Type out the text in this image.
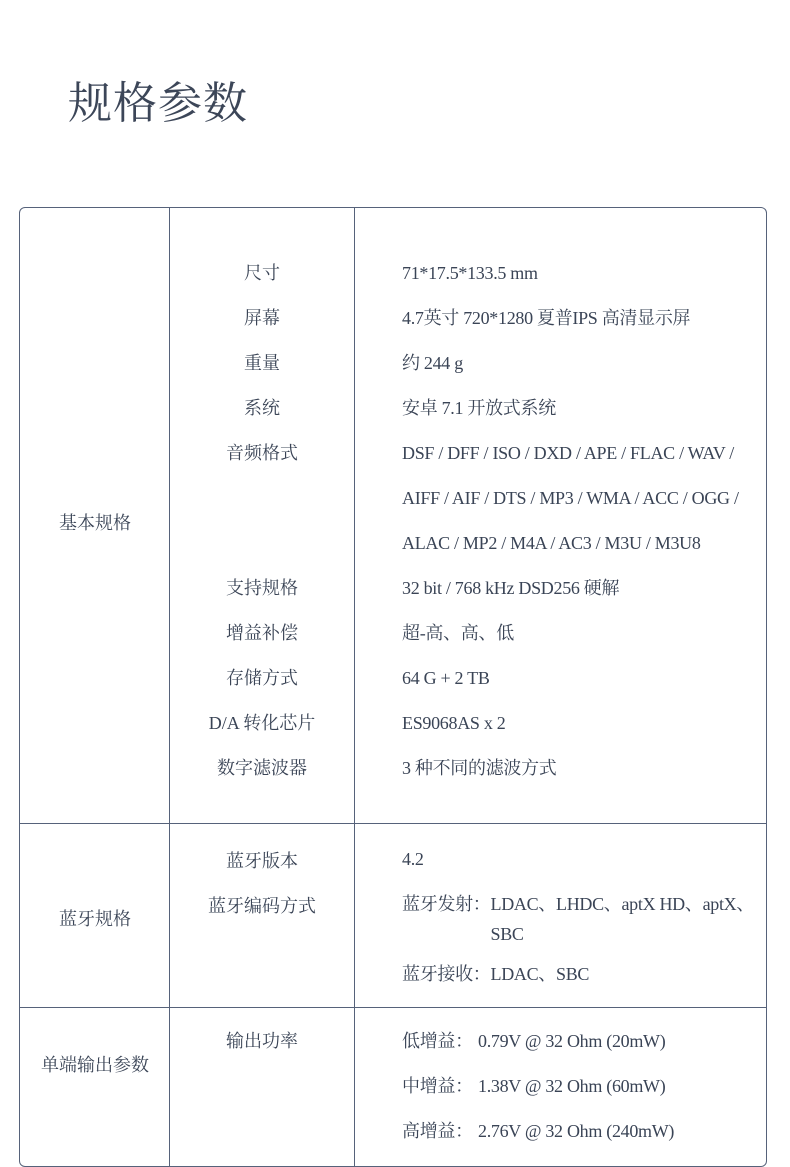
规格参数
基本规格
尺寸	71*17.5*133.5 mm
屏幕	4.7英寸 720*1280 夏普IPS 高清显示屏
重量	约 244 g
系统	安卓 7.1 开放式系统
音频格式	DSF / DFF / ISO / DXD / APE / FLAC / WAV /
AIFF / AIF / DTS / MP3 / WMA / ACC / OGG /
ALAC / MP2 / M4A / AC3 / M3U / M3U8
支持规格	32 bit / 768 kHz DSD256 硬解
增益补偿	超-高、高、低
存储方式	64 G + 2 TB
D/A 转化芯片	ES9068AS x 2
数字滤波器	3 种不同的滤波方式
蓝牙规格
蓝牙版本	4.2
蓝牙编码方式	蓝牙发射：LDAC、LHDC、aptX HD、aptX、SBC
蓝牙接收：LDAC、SBC
单端输出参数
输出功率	低增益： 0.79V @ 32 Ohm (20mW)
中增益： 1.38V @ 32 Ohm (60mW)
高增益： 2.76V @ 32 Ohm (240mW)
